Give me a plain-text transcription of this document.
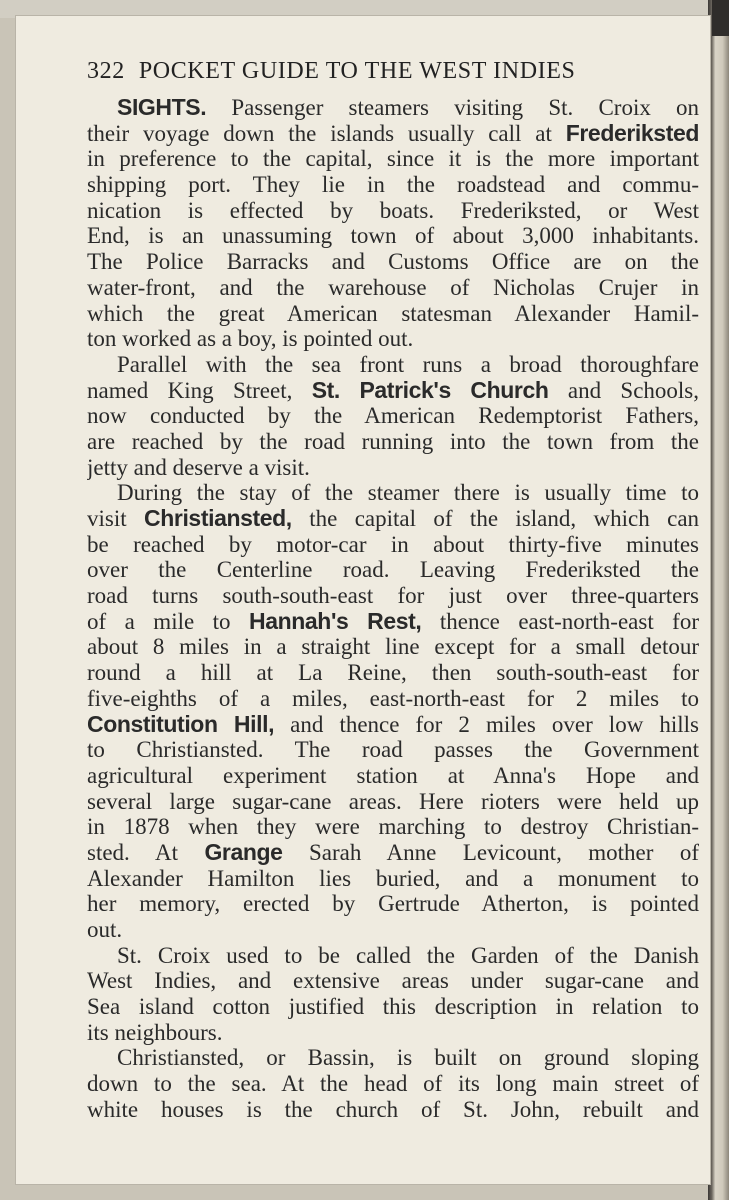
322 POCKET GUIDE TO THE WEST INDIES
SIGHTS. Passenger steamers visiting St. Croix on
their voyage down the islands usually call at Frederiksted
in preference to the capital, since it is the more important
shipping port. They lie in the roadstead and commu-
nication is effected by boats. Frederiksted, or West
End, is an unassuming town of about 3,000 inhabitants.
The Police Barracks and Customs Office are on the
water-front, and the warehouse of Nicholas Crujer in
which the great American statesman Alexander Hamil-
ton worked as a boy, is pointed out.
Parallel with the sea front runs a broad thoroughfare
named King Street, St. Patrick's Church and Schools,
now conducted by the American Redemptorist Fathers,
are reached by the road running into the town from the
jetty and deserve a visit.
During the stay of the steamer there is usually time to
visit Christiansted, the capital of the island, which can
be reached by motor-car in about thirty-five minutes
over the Centerline road. Leaving Frederiksted the
road turns south-south-east for just over three-quarters
of a mile to Hannah's Rest, thence east-north-east for
about 8 miles in a straight line except for a small detour
round a hill at La Reine, then south-south-east for
five-eighths of a miles, east-north-east for 2 miles to
Constitution Hill, and thence for 2 miles over low hills
to Christiansted. The road passes the Government
agricultural experiment station at Anna's Hope and
several large sugar-cane areas. Here rioters were held up
in 1878 when they were marching to destroy Christian-
sted. At Grange Sarah Anne Levicount, mother of
Alexander Hamilton lies buried, and a monument to
her memory, erected by Gertrude Atherton, is pointed
out.
St. Croix used to be called the Garden of the Danish
West Indies, and extensive areas under sugar-cane and
Sea island cotton justified this description in relation to
its neighbours.
Christiansted, or Bassin, is built on ground sloping
down to the sea. At the head of its long main street of
white houses is the church of St. John, rebuilt and
